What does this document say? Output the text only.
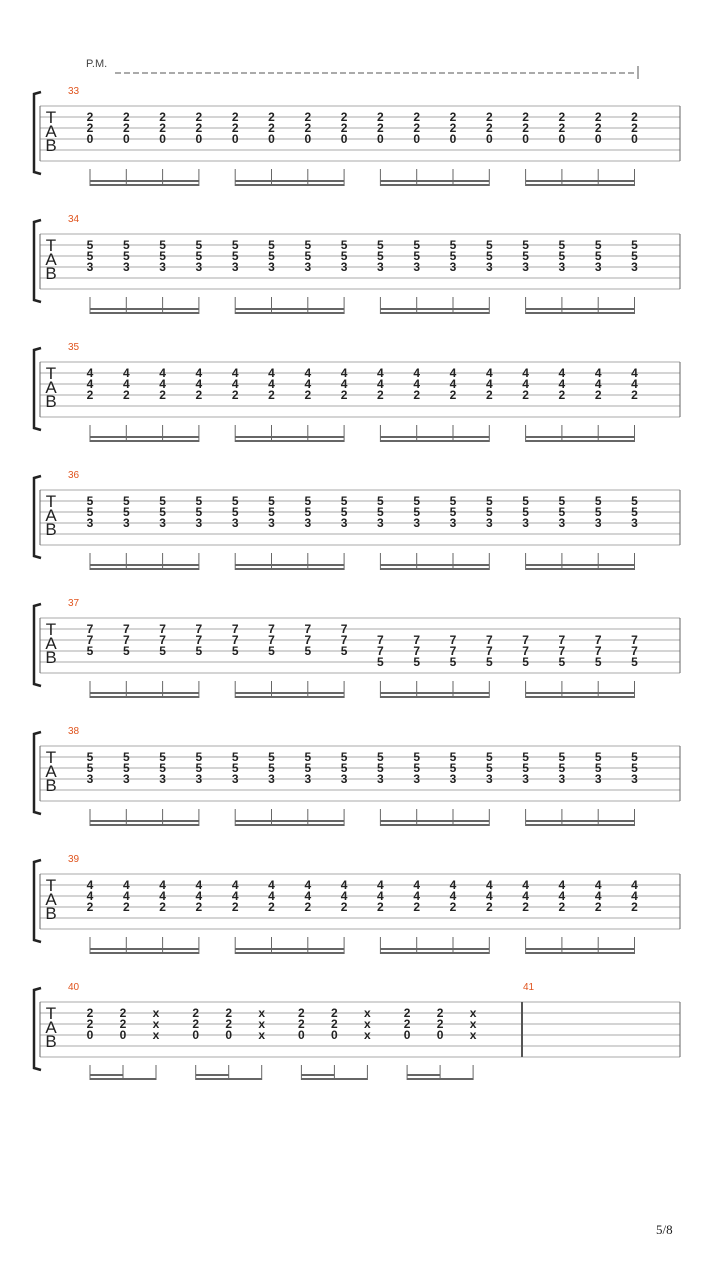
P.M.
T
A
B
33
2
2
0
2
2
0
2
2
0
2
2
0
2
2
0
2
2
0
2
2
0
2
2
0
2
2
0
2
2
0
2
2
0
2
2
0
2
2
0
2
2
0
2
2
0
2
2
0
T
A
B
34
5
5
3
5
5
3
5
5
3
5
5
3
5
5
3
5
5
3
5
5
3
5
5
3
5
5
3
5
5
3
5
5
3
5
5
3
5
5
3
5
5
3
5
5
3
5
5
3
T
A
B
35
4
4
2
4
4
2
4
4
2
4
4
2
4
4
2
4
4
2
4
4
2
4
4
2
4
4
2
4
4
2
4
4
2
4
4
2
4
4
2
4
4
2
4
4
2
4
4
2
T
A
B
36
5
5
3
5
5
3
5
5
3
5
5
3
5
5
3
5
5
3
5
5
3
5
5
3
5
5
3
5
5
3
5
5
3
5
5
3
5
5
3
5
5
3
5
5
3
5
5
3
T
A
B
37
7
7
5
7
7
5
7
7
5
7
7
5
7
7
5
7
7
5
7
7
5
7
7
5
7
7
5
7
7
5
7
7
5
7
7
5
7
7
5
7
7
5
7
7
5
7
7
5
T
A
B
38
5
5
3
5
5
3
5
5
3
5
5
3
5
5
3
5
5
3
5
5
3
5
5
3
5
5
3
5
5
3
5
5
3
5
5
3
5
5
3
5
5
3
5
5
3
5
5
3
T
A
B
39
4
4
2
4
4
2
4
4
2
4
4
2
4
4
2
4
4
2
4
4
2
4
4
2
4
4
2
4
4
2
4
4
2
4
4
2
4
4
2
4
4
2
4
4
2
4
4
2
T
A
B
40	41
2
2
0
2
2
0
x
x
x
2
2
0
2
2
0
x
x
x
2
2
0
2
2
0
x
x
x
2
2
0
2
2
0
x
x
x
5/8
